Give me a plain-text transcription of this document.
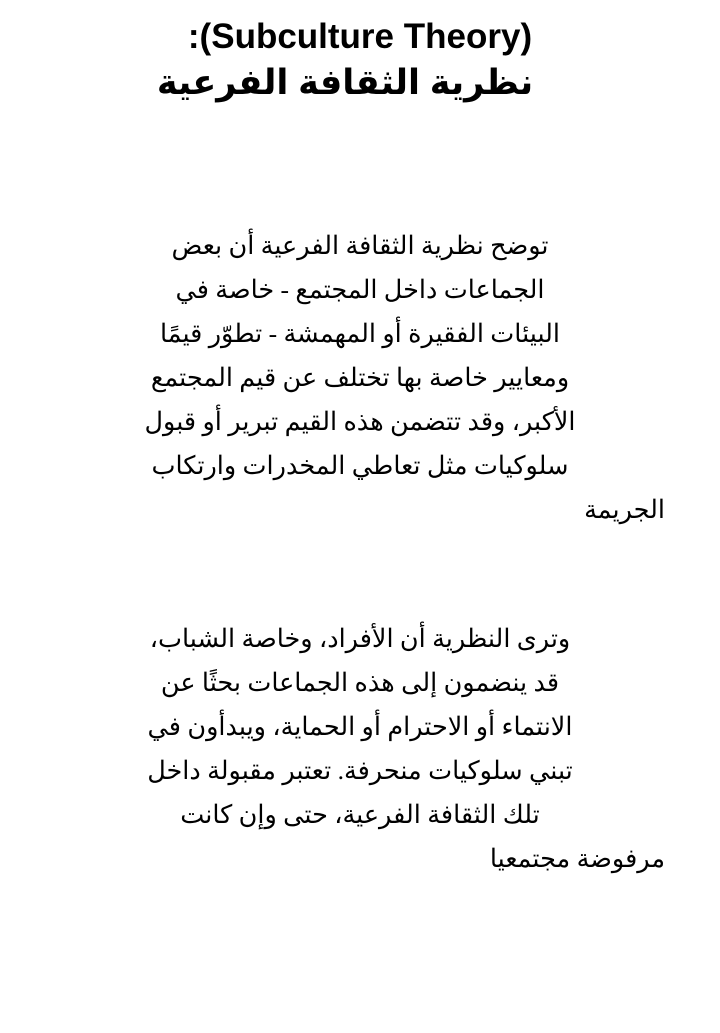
(Subculture Theory):
نظرية الثقافة الفرعية
توضح نظرية الثقافة الفرعية أن بعض
الجماعات داخل المجتمع - خاصة في
البيئات الفقيرة أو المهمشة - تطوّر قيمًا
ومعايير خاصة بها تختلف عن قيم المجتمع
الأكبر، وقد تتضمن هذه القيم تبرير أو قبول
سلوكيات مثل تعاطي المخدرات وارتكاب
الجريمة
وترى النظرية أن الأفراد، وخاصة الشباب،
قد ينضمون إلى هذه الجماعات بحثًا عن
الانتماء أو الاحترام أو الحماية، ويبدأون في
تبني سلوكيات منحرفة. تعتبر مقبولة داخل
تلك الثقافة الفرعية، حتى وإن كانت
مرفوضة مجتمعيا
